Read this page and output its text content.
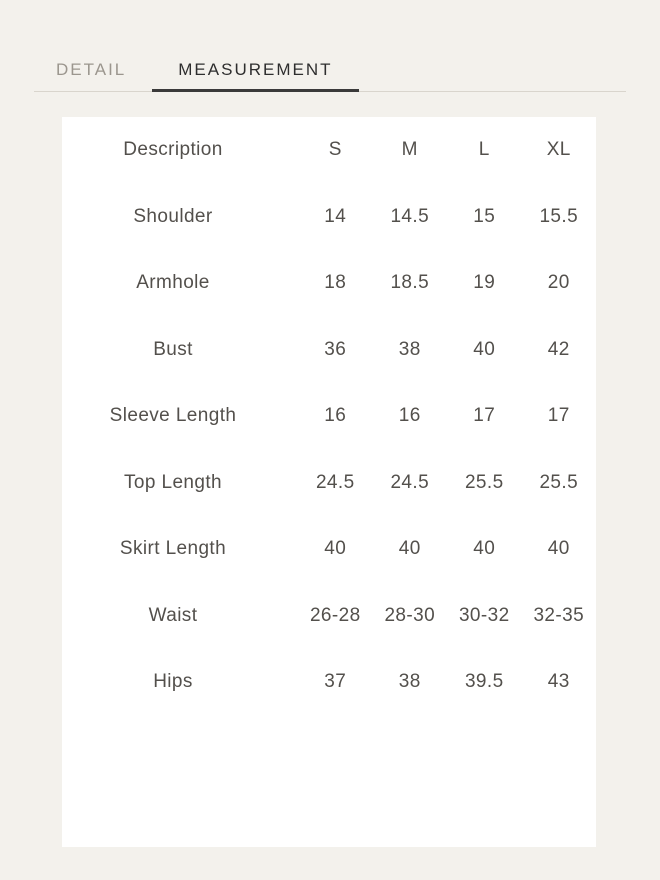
DETAIL	MEASUREMENT
Description	S	M	L	XL
Shoulder	14	14.5	15	15.5
Armhole	18	18.5	19	20
Bust	36	38	40	42
Sleeve Length	16	16	17	17
Top Length	24.5	24.5	25.5	25.5
Skirt Length	40	40	40	40
Waist	26-28	28-30	30-32	32-35
Hips	37	38	39.5	43
